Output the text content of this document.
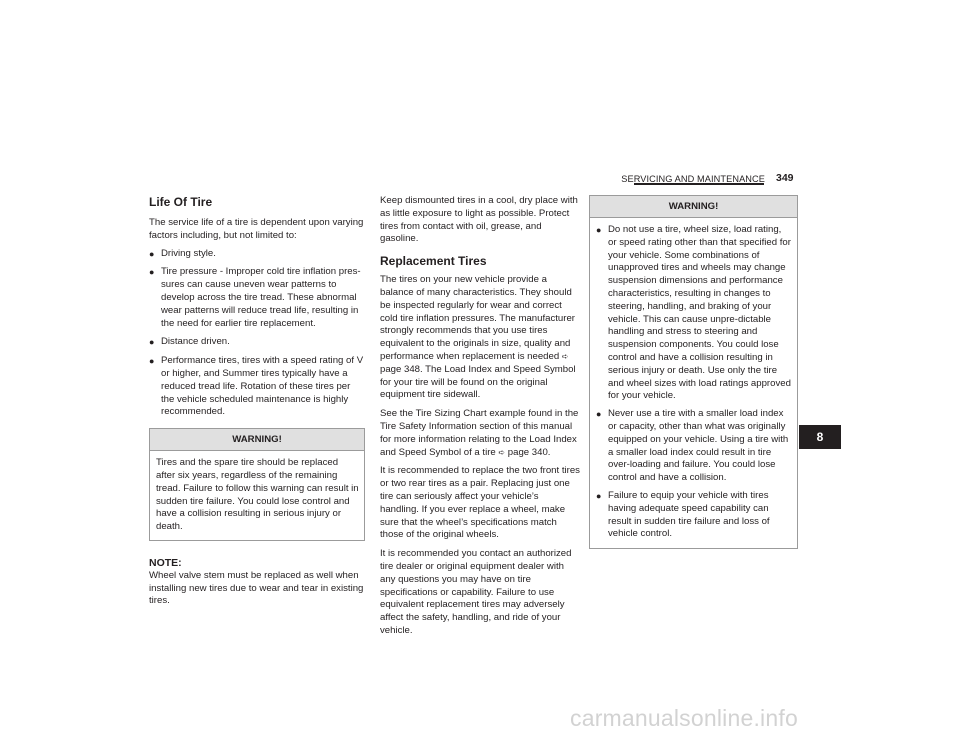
SERVICING AND MAINTENANCE 349
Life Of Tire

The service life of a tire is dependent upon varying factors including, but not limited to:

● Driving style.
● Tire pressure - Improper cold tire inflation pres-sures can cause uneven wear patterns to develop across the tire tread. These abnormal wear patterns will reduce tread life, resulting in the need for earlier tire replacement.
● Distance driven.
● Performance tires, tires with a speed rating of V or higher, and Summer tires typically have a reduced tread life. Rotation of these tires per the vehicle scheduled maintenance is highly recommended.
WARNING!
Tires and the spare tire should be replaced after six years, regardless of the remaining tread. Failure to follow this warning can result in sudden tire failure. You could lose control and have a collision resulting in serious injury or death.
NOTE:

Wheel valve stem must be replaced as well when installing new tires due to wear and tear in existing tires.

Keep dismounted tires in a cool, dry place with as little exposure to light as possible. Protect tires from contact with oil, grease, and gasoline.

Replacement Tires

The tires on your new vehicle provide a balance of many characteristics. They should be inspected regularly for wear and correct cold tire inflation pressures. The manufacturer strongly recommends that you use tires equivalent to the originals in size, quality and performance when replacement is needed ➪ page 348. The Load Index and Speed Symbol for your tire will be found on the original equipment tire sidewall.

See the Tire Sizing Chart example found in the Tire Safety Information section of this manual for more information relating to the Load Index and Speed Symbol of a tire ➪ page 340.

It is recommended to replace the two front tires or two rear tires as a pair. Replacing just one tire can seriously affect your vehicle’s handling. If you ever replace a wheel, make sure that the wheel’s specifications match those of the original wheels.

It is recommended you contact an authorized tire dealer or original equipment dealer with any questions you may have on tire specifications or capability. Failure to use equivalent replacement tires may adversely affect the safety, handling, and ride of your vehicle.

WARNING!
● Do not use a tire, wheel size, load rating, or speed rating other than that specified for your vehicle. Some combinations of unapproved tires and wheels may change suspension dimensions and performance characteristics, resulting in changes to steering, handling, and braking of your vehicle. This can cause unpre-dictable handling and stress to steering and suspension components. You could lose control and have a collision resulting in serious injury or death. Use only the tire and wheel sizes with load ratings approved for your vehicle.
● Never use a tire with a smaller load index or capacity, other than what was originally equipped on your vehicle. Using a tire with a smaller load index could result in tire over-loading and failure. You could lose control and have a collision.
● Failure to equip your vehicle with tires having adequate speed capability can result in sudden tire failure and loss of vehicle control.
8
carmanualsonline.info
